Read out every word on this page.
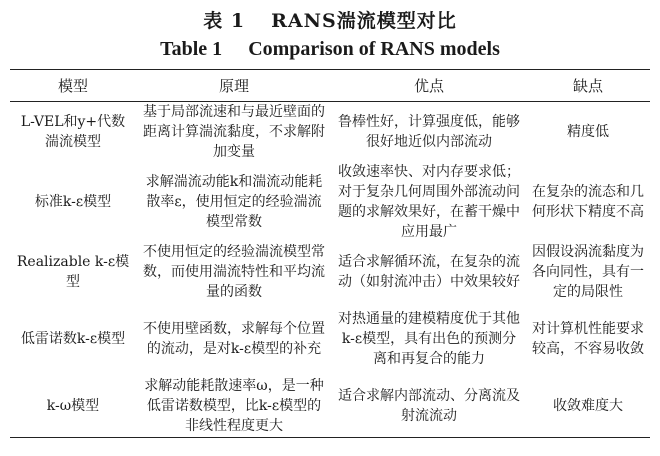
表 1 RANS湍流模型对比
Table 1 Comparison of RANS models
模型	原理	优点	缺点
L-VEL和y+代数湍流模型	基于局部流速和与最近壁面的距离计算湍流黏度，不求解附加变量	鲁棒性好，计算强度低，能够很好地近似内部流动	精度低
标准k-ε模型	求解湍流动能k和湍流动能耗散率ε，使用恒定的经验湍流模型常数	收敛速率快、对内存要求低；对于复杂几何周围外部流动问题的求解效果好，在蓄干燥中应用最广	在复杂的流态和几何形状下精度不高
Realizable k-ε模型	不使用恒定的经验湍流模型常数，而使用湍流特性和平均流量的函数	适合求解循环流，在复杂的流动（如射流冲击）中效果较好	因假设涡流黏度为各向同性，具有一定的局限性
低雷诺数k-ε模型	不使用壁函数，求解每个位置的流动，是对k-ε模型的补充	对热通量的建模精度优于其他k-ε模型，具有出色的预测分离和再复合的能力	对计算机性能要求较高，不容易收敛
k-ω模型	求解动能耗散速率ω，是一种低雷诺数模型，比k-ε模型的非线性程度更大	适合求解内部流动、分离流及射流流动	收敛难度大
